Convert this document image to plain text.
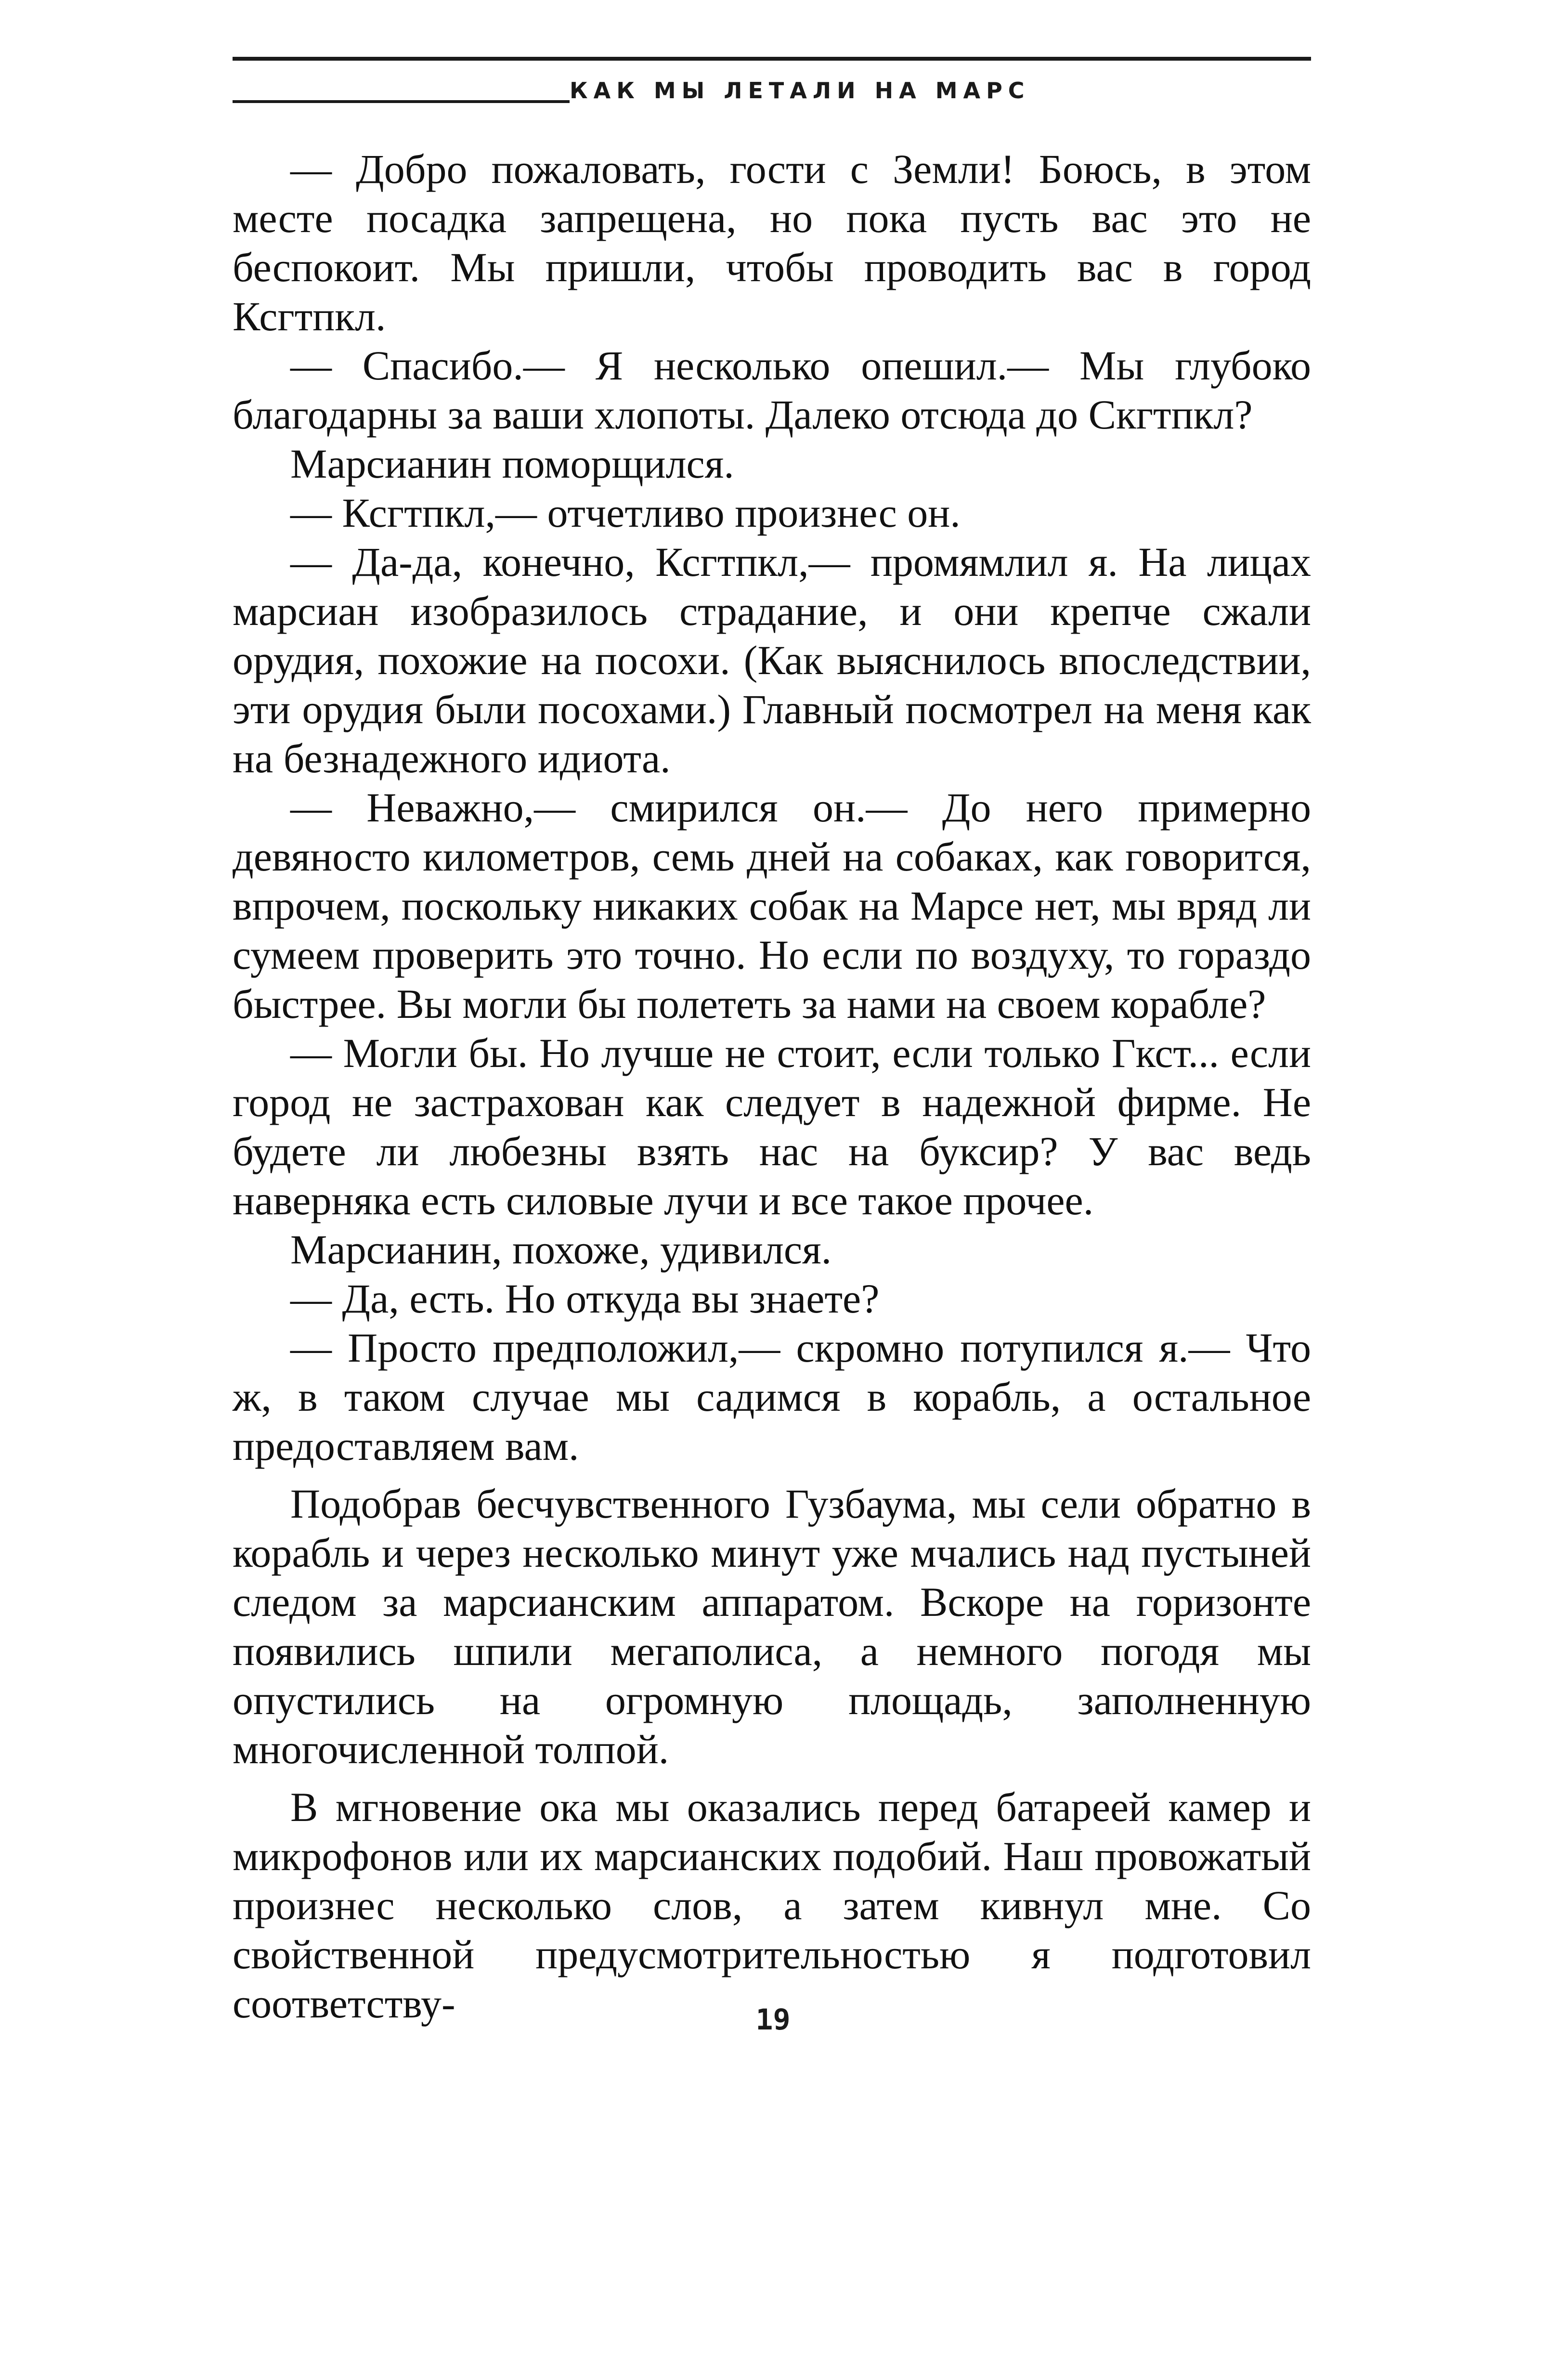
КАК МЫ ЛЕТАЛИ НА МАРС

— Добро пожаловать, гости с Земли! Боюсь, в этом месте посадка запрещена, но пока пусть вас это не беспокоит. Мы пришли, чтобы проводить вас в город Ксгтпкл.

— Спасибо.— Я несколько опешил.— Мы глубоко благодарны за ваши хлопоты. Далеко отсюда до Скгтпкл?

Марсианин поморщился.

— Ксгтпкл,— отчетливо произнес он.

— Да-да, конечно, Ксгтпкл,— промямлил я. На лицах марсиан изобразилось страдание, и они крепче сжали орудия, похожие на посохи. (Как выяснилось впоследствии, эти орудия были посохами.) Главный посмотрел на меня как на безнадежного идиота.

— Неважно,— смирился он.— До него примерно девяносто километров, семь дней на собаках, как говорится, впрочем, поскольку никаких собак на Марсе нет, мы вряд ли сумеем проверить это точно. Но если по воздуху, то гораздо быстрее. Вы могли бы полететь за нами на своем корабле?

— Могли бы. Но лучше не стоит, если только Гкст... если город не застрахован как следует в надежной фирме. Не будете ли любезны взять нас на буксир? У вас ведь наверняка есть силовые лучи и все такое прочее.

Марсианин, похоже, удивился.

— Да, есть. Но откуда вы знаете?

— Просто предположил,— скромно потупился я.— Что ж, в таком случае мы садимся в корабль, а остальное предоставляем вам.

Подобрав бесчувственного Гузбаума, мы сели обратно в корабль и через несколько минут уже мчались над пустыней следом за марсианским аппаратом. Вскоре на горизонте появились шпили мегаполиса, а немного погодя мы опустились на огромную площадь, заполненную многочисленной толпой.

В мгновение ока мы оказались перед батареей камер и микрофонов или их марсианских подобий. Наш провожатый произнес несколько слов, а затем кивнул мне. Со свойственной предусмотрительностью я подготовил соответству-	19
